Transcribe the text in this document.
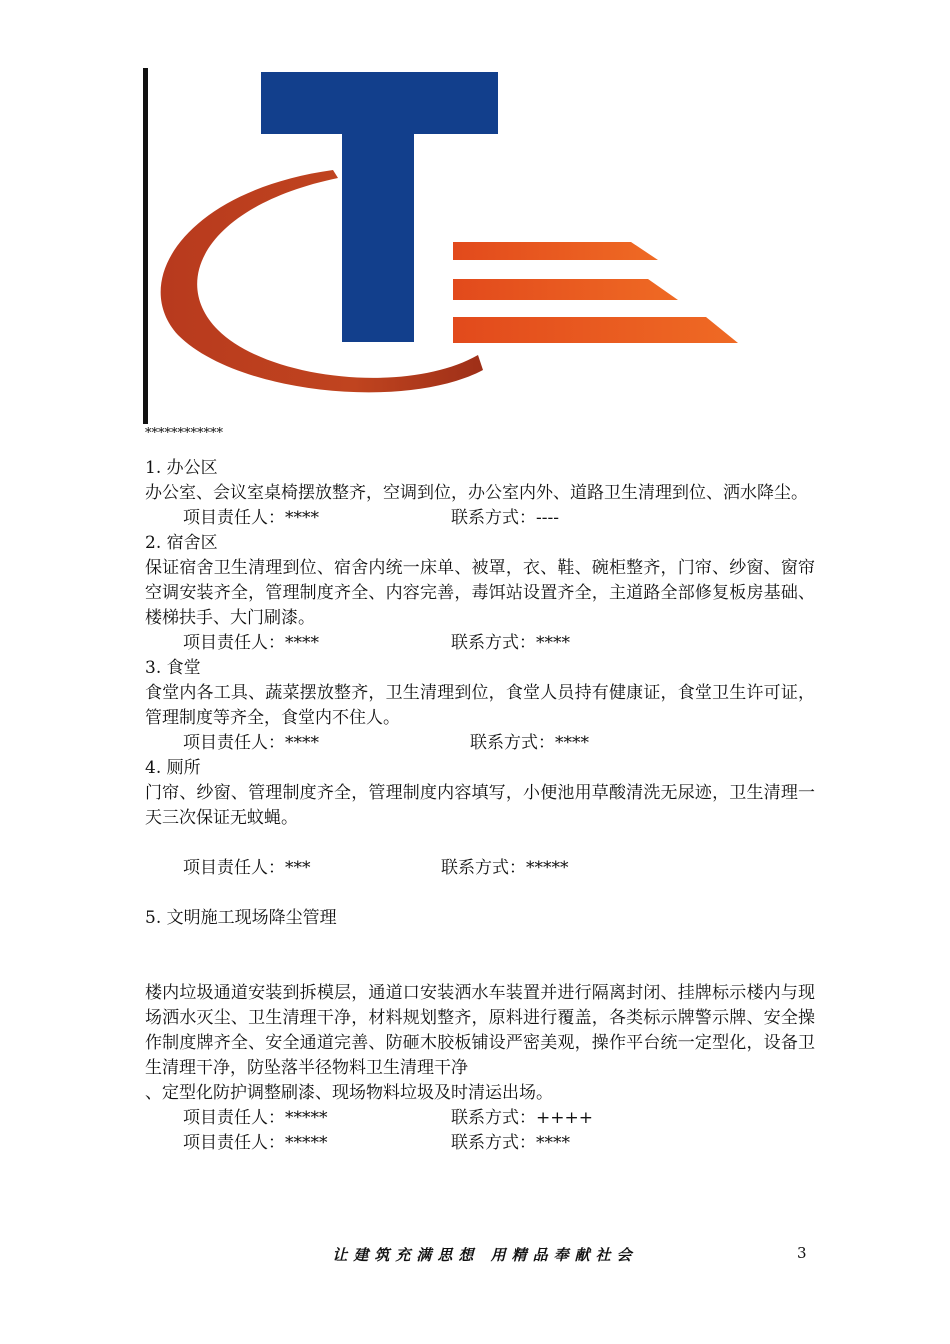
************

1. 办公区

办公室、会议室桌椅摆放整齐，空调到位，办公室内外、道路卫生清理到位、洒水降尘。

项目责任人：****	联系方式：----

2. 宿舍区

保证宿舍卫生清理到位、宿舍内统一床单、被罩，衣、鞋、碗柜整齐，门帘、纱窗、窗帘空调安装齐全，管理制度齐全、内容完善，毒饵站设置齐全，主道路全部修复板房基础、楼梯扶手、大门刷漆。

项目责任人：****	联系方式：****

3. 食堂

食堂内各工具、蔬菜摆放整齐，卫生清理到位，食堂人员持有健康证，食堂卫生许可证，管理制度等齐全，食堂内不住人。

项目责任人：****	联系方式：****

4. 厕所

门帘、纱窗、管理制度齐全，管理制度内容填写，小便池用草酸清洗无尿迹，卫生清理一天三次保证无蚊蝇。

项目责任人：***	联系方式：*****

5. 文明施工现场降尘管理

楼内垃圾通道安装到拆模层，通道口安装洒水车装置并进行隔离封闭、挂牌标示楼内与现场洒水灭尘、卫生清理干净，材料规划整齐，原料进行覆盖，各类标示牌警示牌、安全操作制度牌齐全、安全通道完善、防砸木胶板铺设严密美观，操作平台统一定型化，设备卫生清理干净，防坠落半径物料卫生清理干净

、定型化防护调整刷漆、现场物料垃圾及时清运出场。

项目责任人：*****	联系方式：++++
项目责任人：*****	联系方式：****
让建筑充满思想 用精品奉献社会	3
